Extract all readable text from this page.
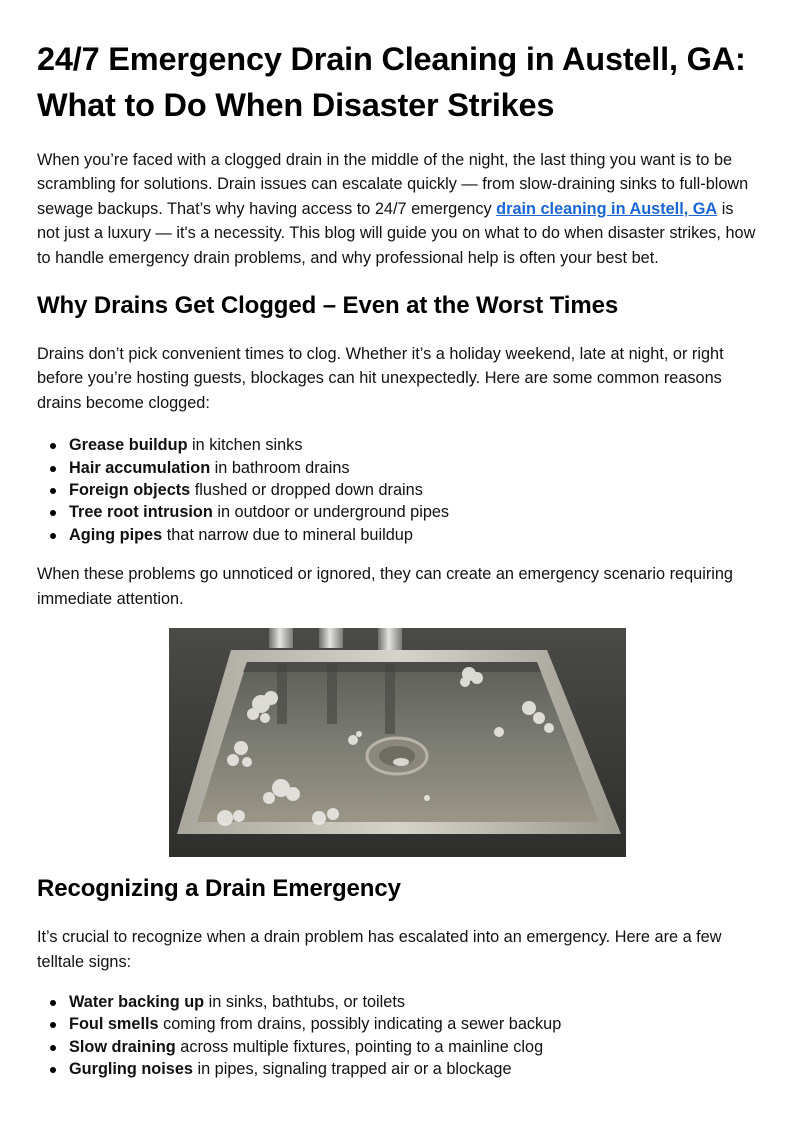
24/7 Emergency Drain Cleaning in Austell, GA: What to Do When Disaster Strikes

When you’re faced with a clogged drain in the middle of the night, the last thing you want is to be scrambling for solutions. Drain issues can escalate quickly — from slow-draining sinks to full-blown sewage backups. That’s why having access to 24/7 emergency drain cleaning in Austell, GA is not just a luxury — it's a necessity. This blog will guide you on what to do when disaster strikes, how to handle emergency drain problems, and why professional help is often your best bet.

Why Drains Get Clogged – Even at the Worst Times

Drains don’t pick convenient times to clog. Whether it’s a holiday weekend, late at night, or right before you’re hosting guests, blockages can hit unexpectedly. Here are some common reasons drains become clogged:

Grease buildup in kitchen sinks
Hair accumulation in bathroom drains
Foreign objects flushed or dropped down drains
Tree root intrusion in outdoor or underground pipes
Aging pipes that narrow due to mineral buildup

When these problems go unnoticed or ignored, they can create an emergency scenario requiring immediate attention.

Recognizing a Drain Emergency

It’s crucial to recognize when a drain problem has escalated into an emergency. Here are a few telltale signs:

Water backing up in sinks, bathtubs, or toilets
Foul smells coming from drains, possibly indicating a sewer backup
Slow draining across multiple fixtures, pointing to a mainline clog
Gurgling noises in pipes, signaling trapped air or a blockage
